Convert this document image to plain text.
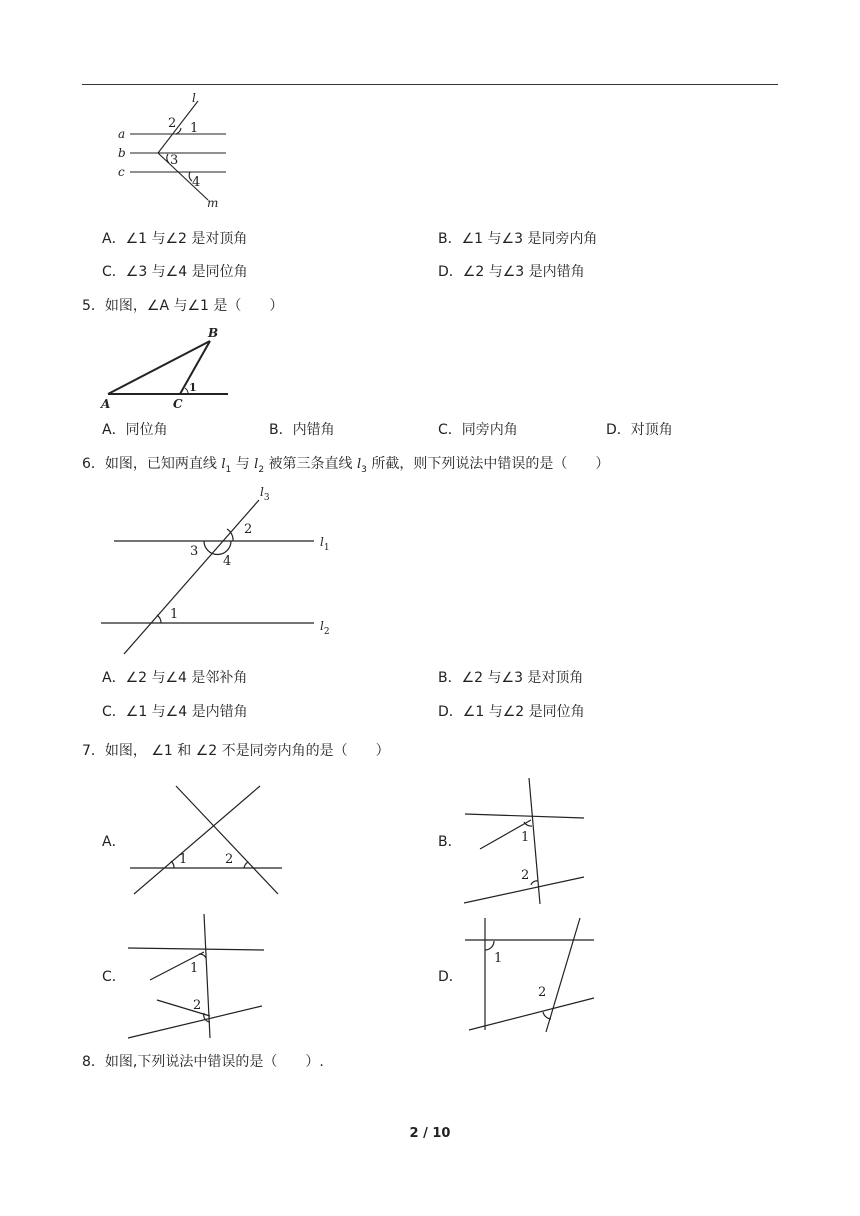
l
m
a
b
c
2 1
3
4
A．∠1 与∠2 是对顶角	B．∠1 与∠3 是同旁内角
C．∠3 与∠4 是同位角	D．∠2 与∠3 是内错角
5．如图，∠A 与∠1 是（　　）
A	C
B
1
A．同位角	B．内错角	C．同旁内角	D．对顶角
6．如图，已知两直线 $l_1$ 与 $l_2$ 被第三条直线 $l_3$ 所截，则下列说法中错误的是（　　）
2
3
4
1
$l_1$
$l_2$
$l_3$
A．∠2 与∠4 是邻补角	B．∠2 与∠3 是对顶角
C．∠1 与∠4 是内错角	D．∠1 与∠2 是同位角
7．如图， ∠1 和 ∠2 不是同旁内角的是（　　）
A．
1	2
B．	1
2
C．
1
2
D．
1
2
8．如图,下列说法中错误的是（　　）.
2 / 10
